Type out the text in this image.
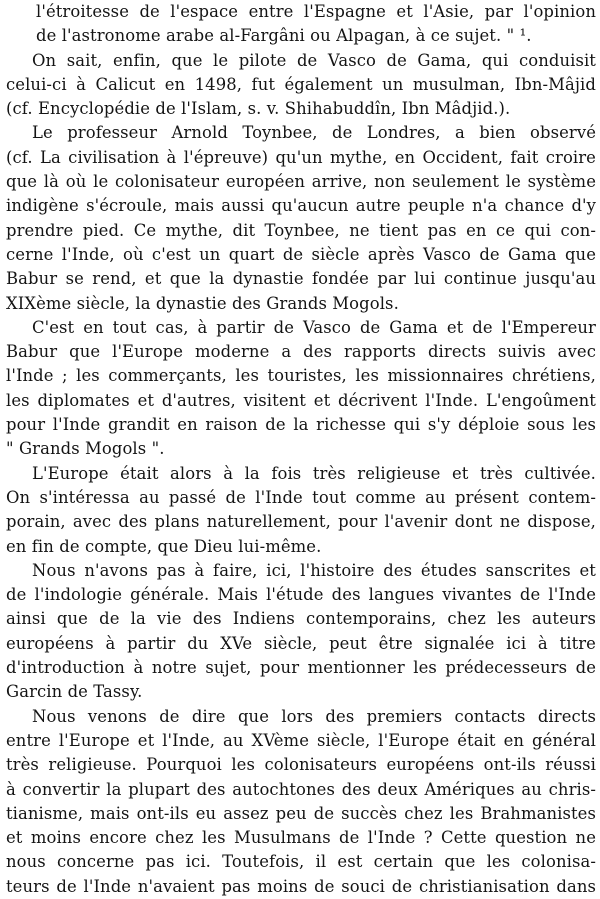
l'étroitesse de l'espace entre l'Espagne et l'Asie, par l'opinion
de l'astronome arabe al-Fargâni ou Alpagan, à ce sujet. " ¹.
On sait, enfin, que le pilote de Vasco de Gama, qui conduisit
celui-ci à Calicut en 1498, fut également un musulman, Ibn-Mâjid
(cf. Encyclopédie de l'Islam, s. v. Shihabuddîn, Ibn Mâdjid.).
Le professeur Arnold Toynbee, de Londres, a bien observé
(cf. La civilisation à l'épreuve) qu'un mythe, en Occident, fait croire
que là où le colonisateur européen arrive, non seulement le système
indigène s'écroule, mais aussi qu'aucun autre peuple n'a chance d'y
prendre pied. Ce mythe, dit Toynbee, ne tient pas en ce qui con-
cerne l'Inde, où c'est un quart de siècle après Vasco de Gama que
Babur se rend, et que la dynastie fondée par lui continue jusqu'au
XIXème siècle, la dynastie des Grands Mogols.
C'est en tout cas, à partir de Vasco de Gama et de l'Empereur
Babur que l'Europe moderne a des rapports directs suivis avec
l'Inde ; les commerçants, les touristes, les missionnaires chrétiens,
les diplomates et d'autres, visitent et décrivent l'Inde. L'engoûment
pour l'Inde grandit en raison de la richesse qui s'y déploie sous les
" Grands Mogols ".
L'Europe était alors à la fois très religieuse et très cultivée.
On s'intéressa au passé de l'Inde tout comme au présent contem-
porain, avec des plans naturellement, pour l'avenir dont ne dispose,
en fin de compte, que Dieu lui-même.
Nous n'avons pas à faire, ici, l'histoire des études sanscrites et
de l'indologie générale. Mais l'étude des langues vivantes de l'Inde
ainsi que de la vie des Indiens contemporains, chez les auteurs
européens à partir du XVe siècle, peut être signalée ici à titre
d'introduction à notre sujet, pour mentionner les prédecesseurs de
Garcin de Tassy.
Nous venons de dire que lors des premiers contacts directs
entre l'Europe et l'Inde, au XVème siècle, l'Europe était en général
très religieuse. Pourquoi les colonisateurs européens ont-ils réussi
à convertir la plupart des autochtones des deux Amériques au chris-
tianisme, mais ont-ils eu assez peu de succès chez les Brahmanistes
et moins encore chez les Musulmans de l'Inde ? Cette question ne
nous concerne pas ici. Toutefois, il est certain que les colonisa-
teurs de l'Inde n'avaient pas moins de souci de christianisation dans
